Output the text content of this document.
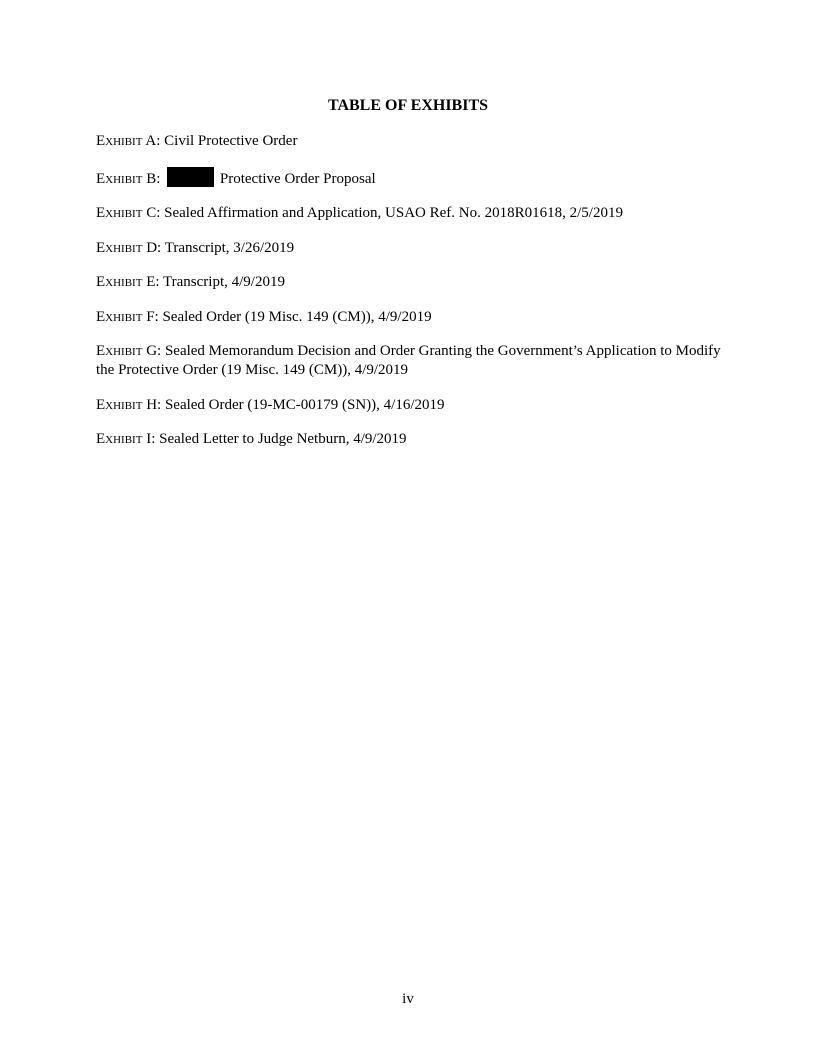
TABLE OF EXHIBITS
Exhibit A: Civil Protective Order
Exhibit B:	Protective Order Proposal
Exhibit C: Sealed Affirmation and Application, USAO Ref. No. 2018R01618, 2/5/2019
Exhibit D: Transcript, 3/26/2019
Exhibit E: Transcript, 4/9/2019
Exhibit F: Sealed Order (19 Misc. 149 (CM)), 4/9/2019
Exhibit G: Sealed Memorandum Decision and Order Granting the Government’s Application to Modify the Protective Order (19 Misc. 149 (CM)), 4/9/2019
Exhibit H: Sealed Order (19-MC-00179 (SN)), 4/16/2019
Exhibit I: Sealed Letter to Judge Netburn, 4/9/2019
iv
